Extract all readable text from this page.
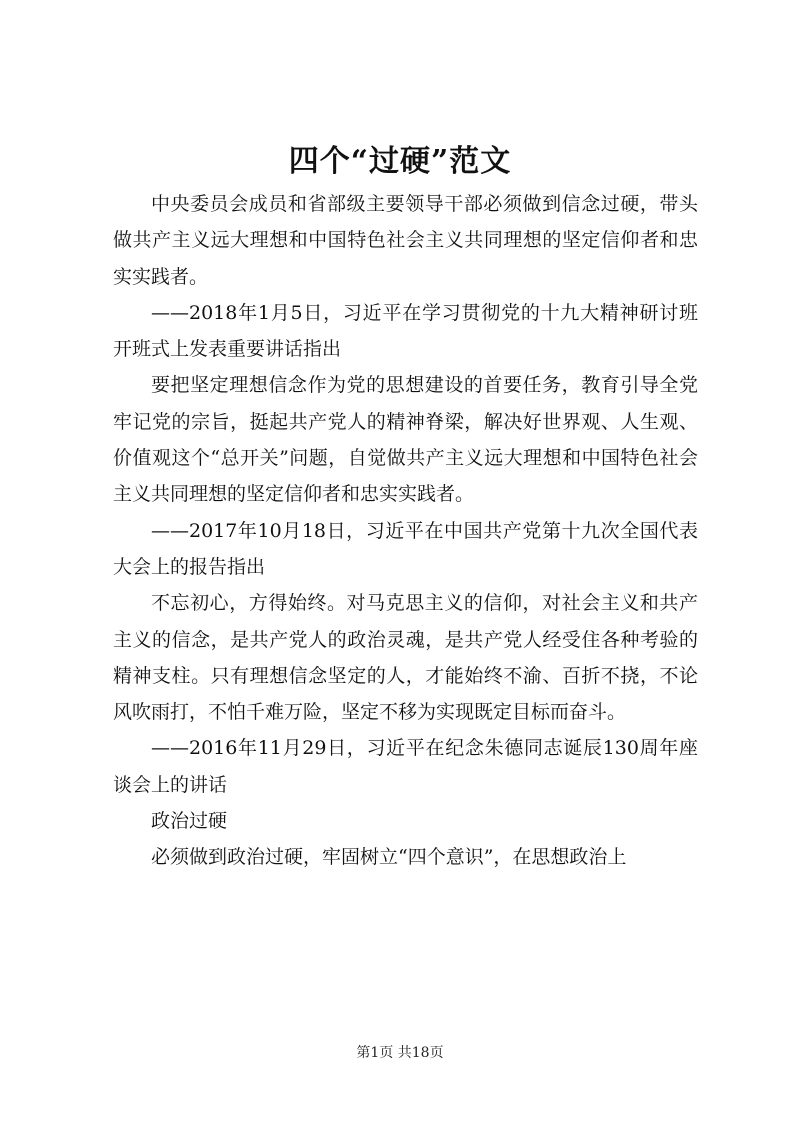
四个“过硬”范文

中央委员会成员和省部级主要领导干部必须做到信念过硬，带头做共产主义远大理想和中国特色社会主义共同理想的坚定信仰者和忠实实践者。

——2018年1月5日，习近平在学习贯彻党的十九大精神研讨班开班式上发表重要讲话指出

要把坚定理想信念作为党的思想建设的首要任务，教育引导全党牢记党的宗旨，挺起共产党人的精神脊梁，解决好世界观、人生观、价值观这个“总开关”问题，自觉做共产主义远大理想和中国特色社会主义共同理想的坚定信仰者和忠实实践者。

——2017年10月18日，习近平在中国共产党第十九次全国代表大会上的报告指出

不忘初心，方得始终。对马克思主义的信仰，对社会主义和共产主义的信念，是共产党人的政治灵魂，是共产党人经受住各种考验的精神支柱。只有理想信念坚定的人，才能始终不渝、百折不挠，不论风吹雨打，不怕千难万险，坚定不移为实现既定目标而奋斗。

——2016年11月29日，习近平在纪念朱德同志诞辰130周年座谈会上的讲话

政治过硬

必须做到政治过硬，牢固树立“四个意识”，在思想政治上

第1页 共18页
